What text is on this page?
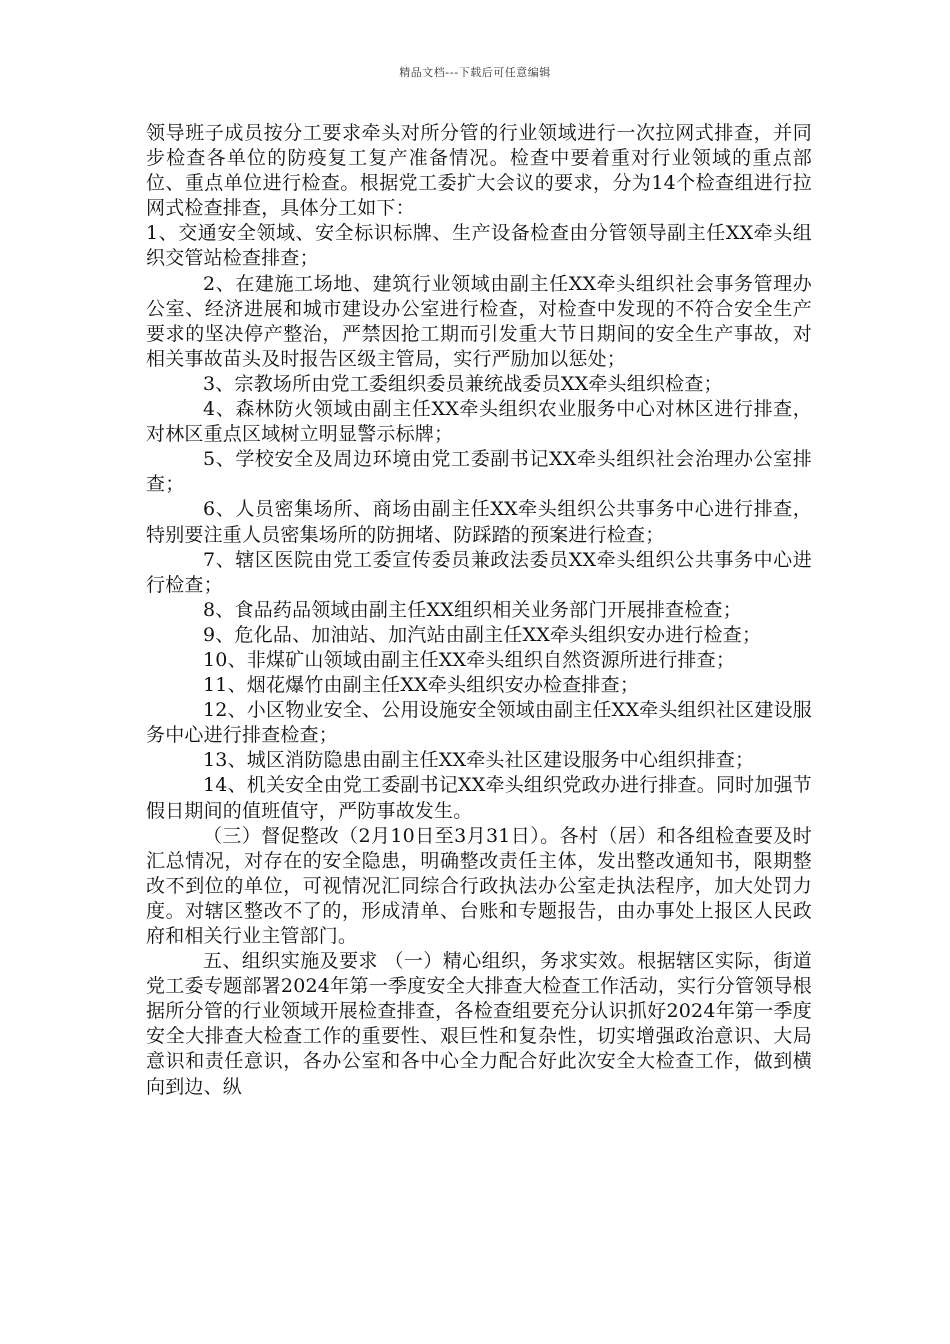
精品文档---下载后可任意编辑

领导班子成员按分工要求牵头对所分管的行业领域进行一次拉网式排查，并同步检查各单位的防疫复工复产准备情况。检查中要着重对行业领域的重点部位、重点单位进行检查。根据党工委扩大会议的要求，分为14个检查组进行拉网式检查排查，具体分工如下：

1、交通安全领域、安全标识标牌、生产设备检查由分管领导副主任XX牵头组织交管站检查排查；

2、在建施工场地、建筑行业领域由副主任XX牵头组织社会事务管理办公室、经济进展和城市建设办公室进行检查，对检查中发现的不符合安全生产要求的坚决停产整治，严禁因抢工期而引发重大节日期间的安全生产事故，对相关事故苗头及时报告区级主管局，实行严励加以惩处；

3、宗教场所由党工委组织委员兼统战委员XX牵头组织检查；

4、森林防火领域由副主任XX牵头组织农业服务中心对林区进行排查，对林区重点区域树立明显警示标牌；

5、学校安全及周边环境由党工委副书记XX牵头组织社会治理办公室排查；

6、人员密集场所、商场由副主任XX牵头组织公共事务中心进行排查，特别要注重人员密集场所的防拥堵、防踩踏的预案进行检查；

7、辖区医院由党工委宣传委员兼政法委员XX牵头组织公共事务中心进行检查；

8、食品药品领域由副主任XX组织相关业务部门开展排查检查；

9、危化品、加油站、加汽站由副主任XX牵头组织安办进行检查；

10、非煤矿山领域由副主任XX牵头组织自然资源所进行排查；

11、烟花爆竹由副主任XX牵头组织安办检查排查；

12、小区物业安全、公用设施安全领域由副主任XX牵头组织社区建设服务中心进行排查检查；

13、城区消防隐患由副主任XX牵头社区建设服务中心组织排查；

14、机关安全由党工委副书记XX牵头组织党政办进行排查。同时加强节假日期间的值班值守，严防事故发生。

（三）督促整改（2月10日至3月31日）。各村（居）和各组检查要及时汇总情况，对存在的安全隐患，明确整改责任主体，发出整改通知书，限期整改不到位的单位，可视情况汇同综合行政执法办公室走执法程序，加大处罚力度。对辖区整改不了的，形成清单、台账和专题报告，由办事处上报区人民政府和相关行业主管部门。

五、组织实施及要求 （一）精心组织，务求实效。根据辖区实际，街道党工委专题部署2024年第一季度安全大排查大检查工作活动，实行分管领导根据所分管的行业领域开展检查排查，各检查组要充分认识抓好2024年第一季度安全大排查大检查工作的重要性、艰巨性和复杂性，切实增强政治意识、大局意识和责任意识，各办公室和各中心全力配合好此次安全大检查工作，做到横向到边、纵
